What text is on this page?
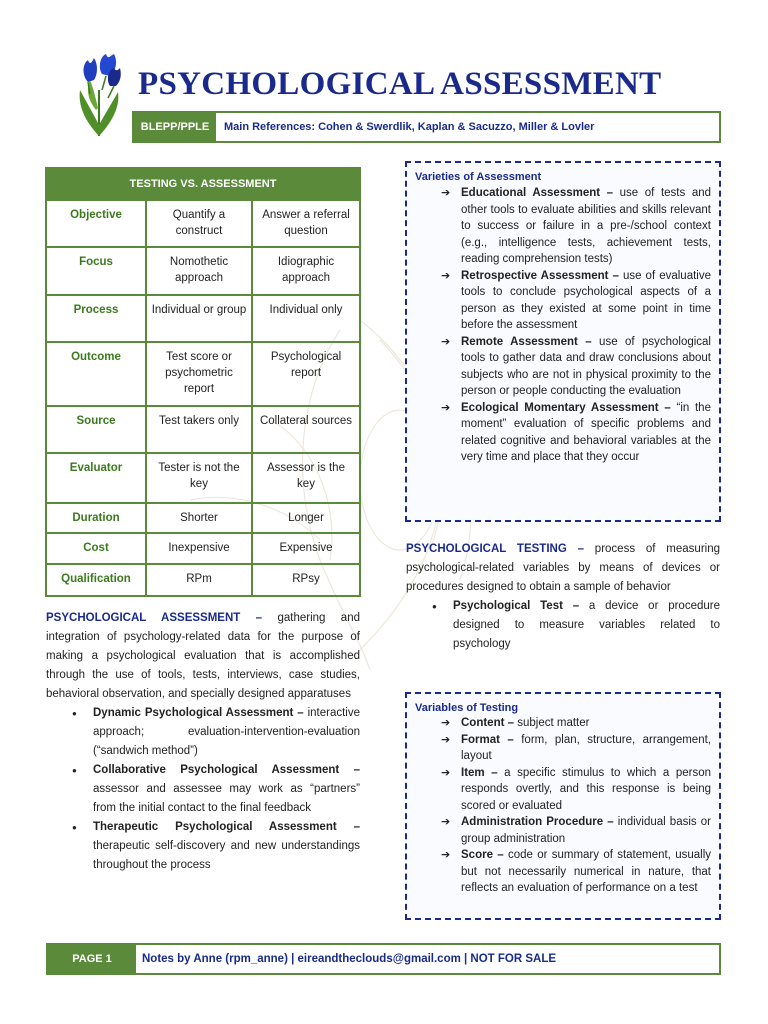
PSYCHOLOGICAL ASSESSMENT
BLEPP/PPLE	Main References: Cohen & Swerdlik, Kaplan & Sacuzzo, Miller & Lovler
TESTING VS. ASSESSMENT		
Objective	Quantify a construct	Answer a referral question
Focus	Nomothetic approach	Idiographic approach
Process	Individual or group	Individual only
Outcome	Test score or psychometric report	Psychological report
Source	Test takers only	Collateral sources
Evaluator	Tester is not the key	Assessor is the key
Duration	Shorter	Longer
Cost	Inexpensive	Expensive
Qualification	RPm	RPsy

PSYCHOLOGICAL ASSESSMENT – gathering and integration of psychology-related data for the purpose of making a psychological evaluation that is accomplished through the use of tools, tests, interviews, case studies, behavioral observation, and specially designed apparatuses

● Dynamic Psychological Assessment – interactive approach; evaluation-intervention-evaluation (“sandwich method”)
● Collaborative Psychological Assessment – assessor and assessee may work as “partners” from the initial contact to the final feedback
● Therapeutic Psychological Assessment – therapeutic self-discovery and new understandings throughout the process
Varieties of Assessment
➔ Educational Assessment – use of tests and other tools to evaluate abilities and skills relevant to success or failure in a pre-/school context (e.g., intelligence tests, achievement tests, reading comprehension tests)
➔ Retrospective Assessment – use of evaluative tools to conclude psychological aspects of a person as they existed at some point in time before the assessment
➔ Remote Assessment – use of psychological tools to gather data and draw conclusions about subjects who are not in physical proximity to the person or people conducting the evaluation
➔ Ecological Momentary Assessment – “in the moment” evaluation of specific problems and related cognitive and behavioral variables at the very time and place that they occur

PSYCHOLOGICAL TESTING – process of measuring psychological-related variables by means of devices or procedures designed to obtain a sample of behavior

● Psychological Test – a device or procedure designed to measure variables related to psychology
Variables of Testing
➔ Content – subject matter
➔ Format – form, plan, structure, arrangement, layout
➔ Item – a specific stimulus to which a person responds overtly, and this response is being scored or evaluated
➔ Administration Procedure – individual basis or group administration
➔ Score – code or summary of statement, usually but not necessarily numerical in nature, that reflects an evaluation of performance on a test
PAGE 1	Notes by Anne (rpm_anne) | eireandtheclouds@gmail.com | NOT FOR SALE
